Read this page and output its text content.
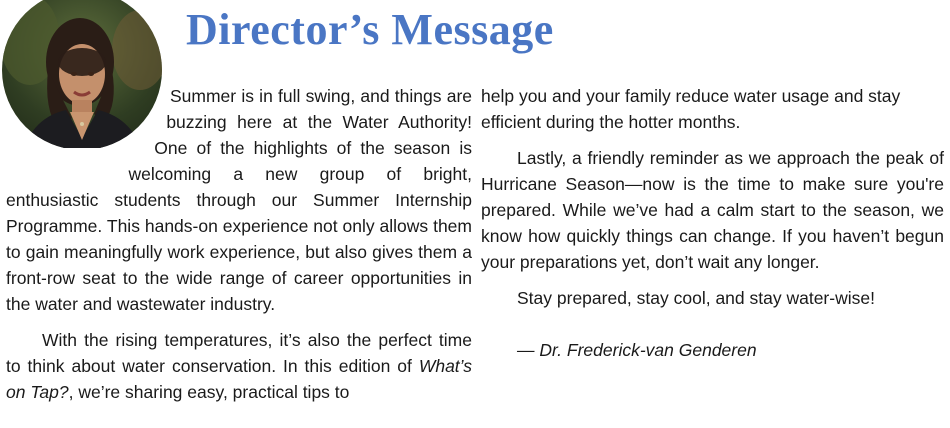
Director’s Message

Summer is in full swing, and things are buzzing here at the Water Authority! One of the highlights of the season is welcoming a new group of bright, enthusiastic students through our Summer Internship Programme. This hands-on experience not only allows them to gain meaningfully work experience, but also gives them a front-row seat to the wide range of career opportunities in the water and wastewater industry.

With the rising temperatures, it’s also the perfect time to think about water conservation. In this edition of What’s on Tap?, we’re sharing easy, practical tips to

help you and your family reduce water usage and stay efficient during the hotter months.

Lastly, a friendly reminder as we approach the peak of Hurricane Season—now is the time to make sure you're prepared. While we’ve had a calm start to the season, we know how quickly things can change. If you haven’t begun your preparations yet, don’t wait any longer.

Stay prepared, stay cool, and stay water-wise!

— Dr. Frederick-van Genderen
